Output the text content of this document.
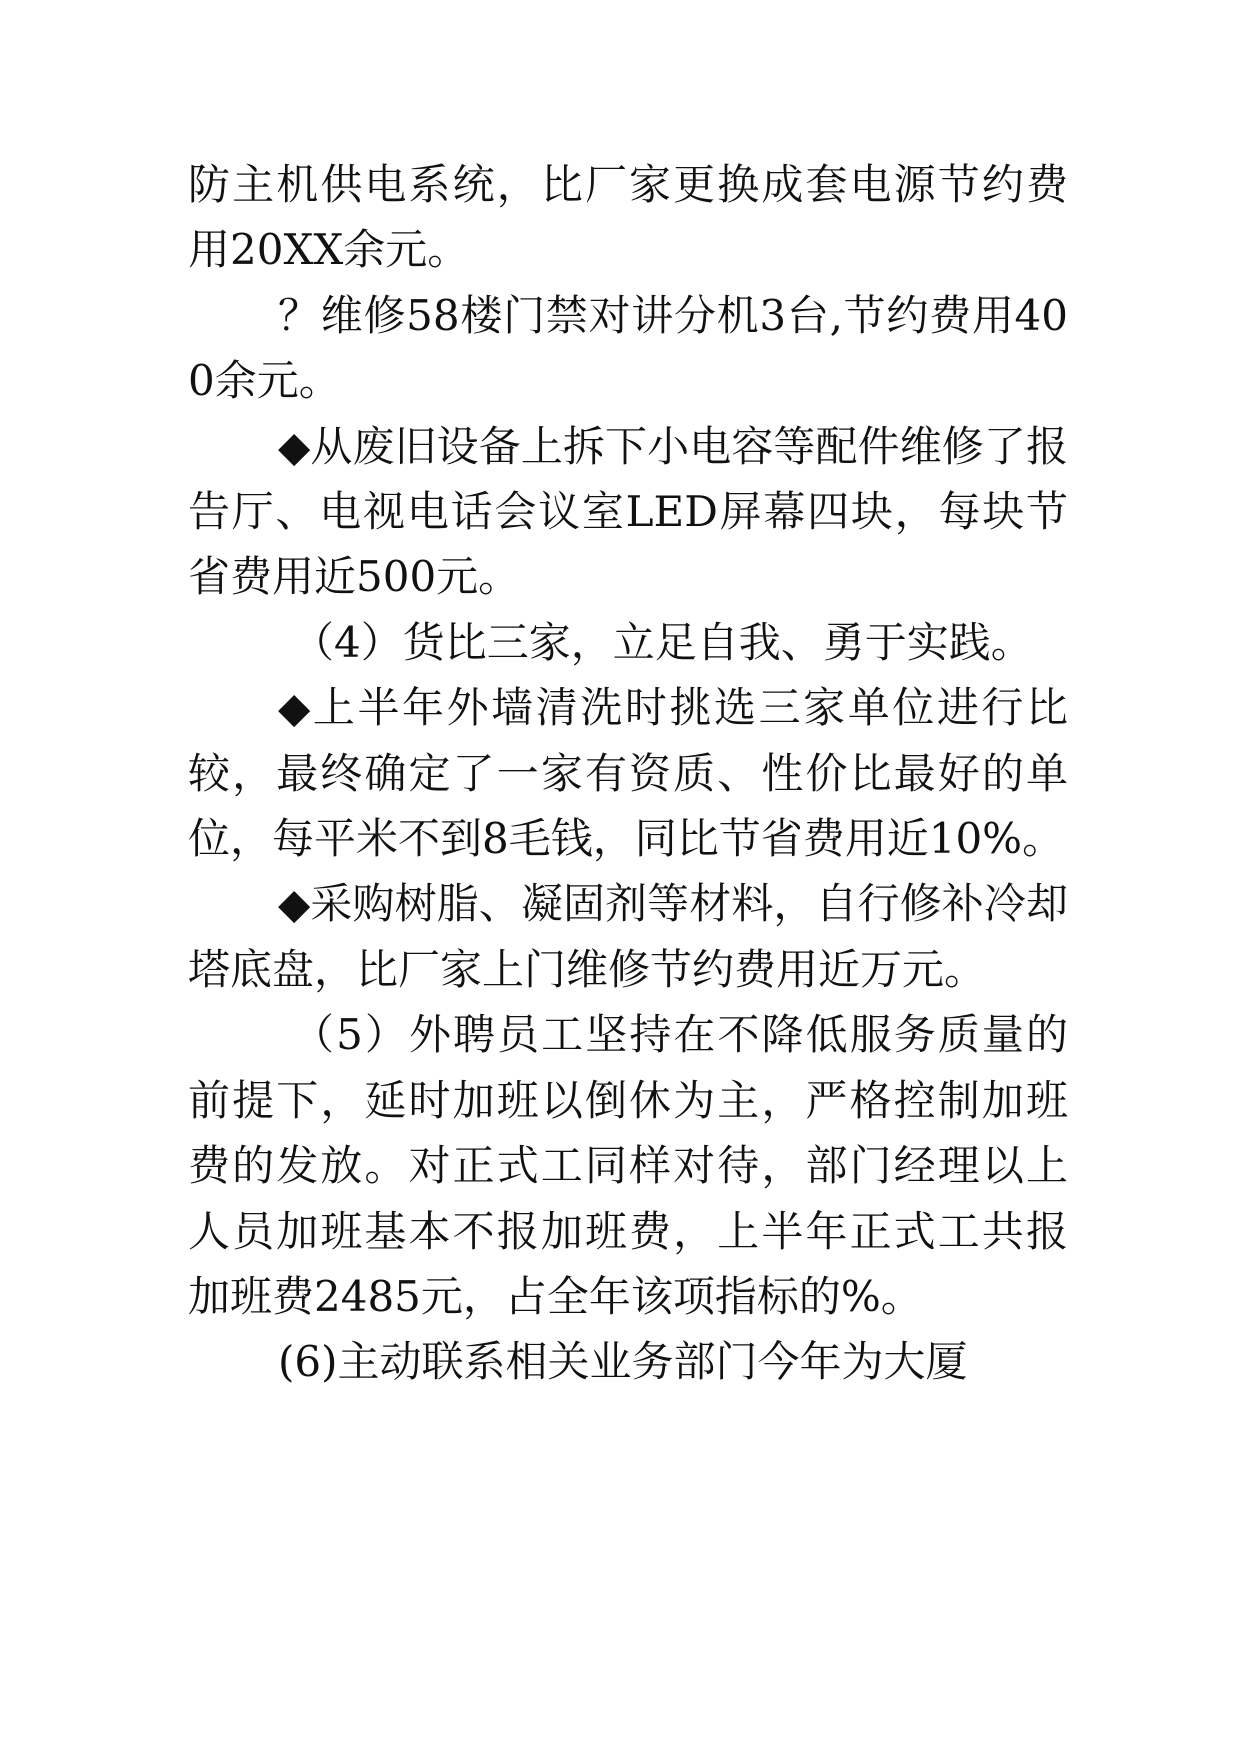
防主机供电系统，比厂家更换成套电源节约费用20XX余元。

？维修58楼门禁对讲分机3台,节约费用400余元。

◆从废旧设备上拆下小电容等配件维修了报告厅、电视电话会议室LED屏幕四块，每块节省费用近500元。

（4）货比三家，立足自我、勇于实践。

◆上半年外墙清洗时挑选三家单位进行比较，最终确定了一家有资质、性价比最好的单位，每平米不到8毛钱，同比节省费用近10%。

◆采购树脂、凝固剂等材料，自行修补冷却塔底盘，比厂家上门维修节约费用近万元。

（5）外聘员工坚持在不降低服务质量的前提下，延时加班以倒休为主，严格控制加班费的发放。对正式工同样对待，部门经理以上人员加班基本不报加班费，上半年正式工共报加班费2485元，占全年该项指标的%。

(6)主动联系相关业务部门今年为大厦
